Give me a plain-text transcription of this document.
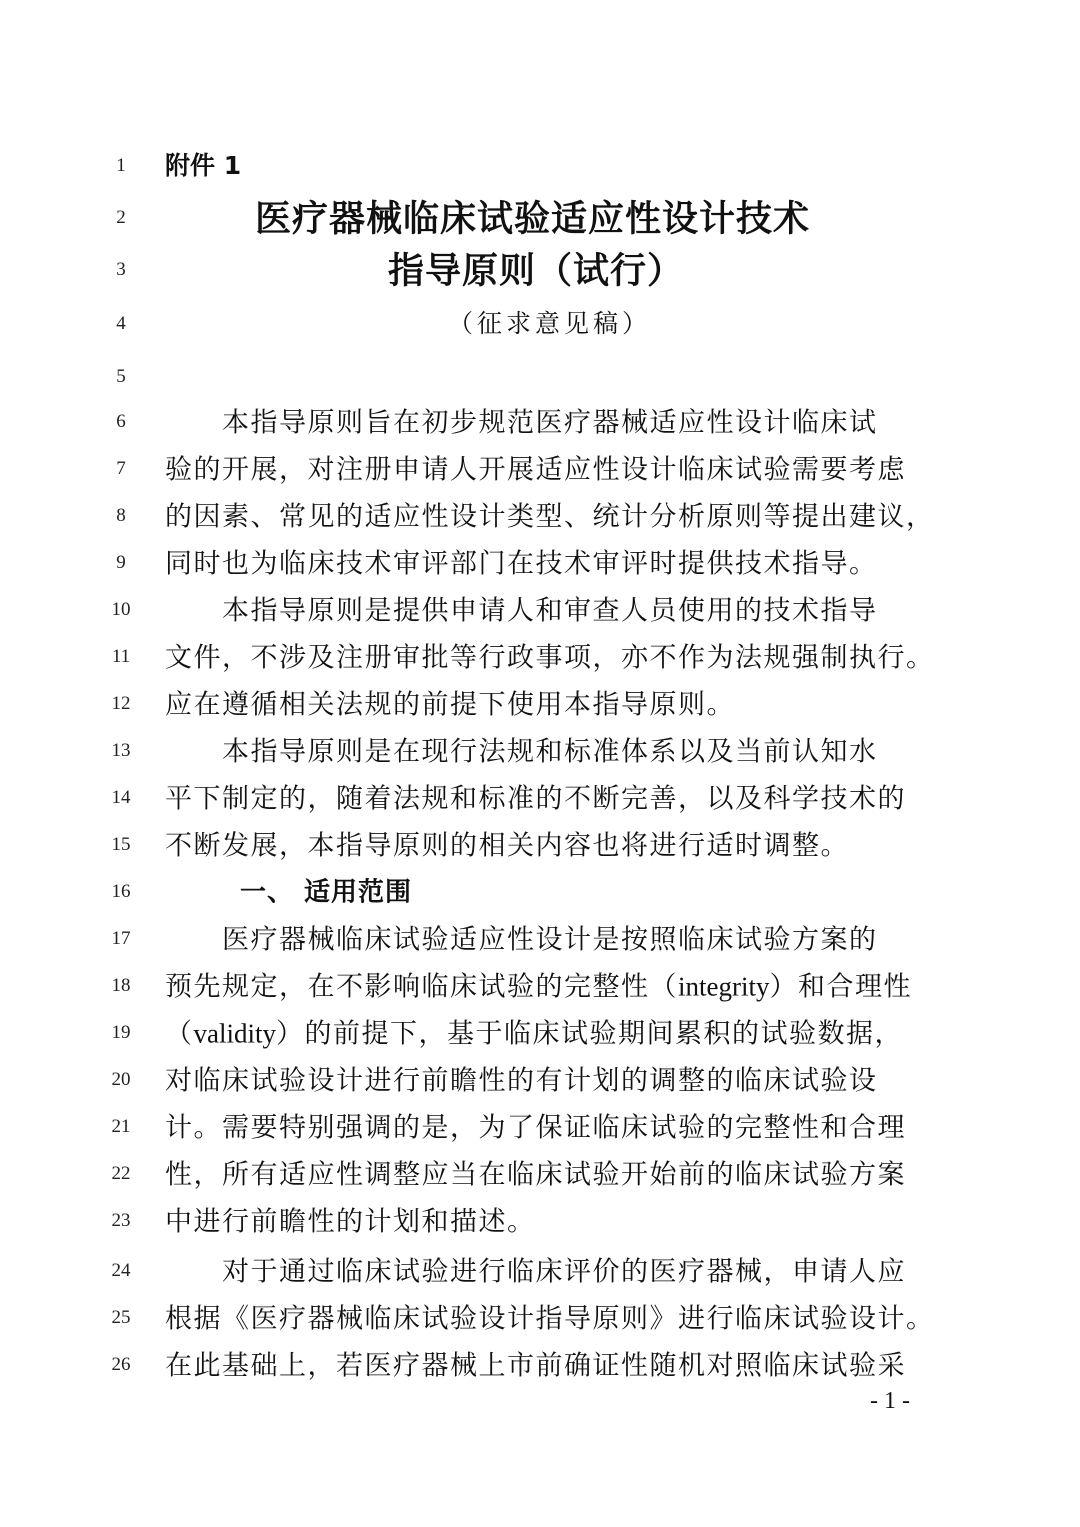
1	附件 1
2	医疗器械临床试验适应性设计技术
3	指导原则（试行）
4	（征求意见稿）
5
6	本指导原则旨在初步规范医疗器械适应性设计临床试
7	验的开展，对注册申请人开展适应性设计临床试验需要考虑
8	的因素、常见的适应性设计类型、统计分析原则等提出建议，
9	同时也为临床技术审评部门在技术审评时提供技术指导。
10	本指导原则是提供申请人和审查人员使用的技术指导
11	文件，不涉及注册审批等行政事项，亦不作为法规强制执行。
12	应在遵循相关法规的前提下使用本指导原则。
13	本指导原则是在现行法规和标准体系以及当前认知水
14	平下制定的，随着法规和标准的不断完善，以及科学技术的
15	不断发展，本指导原则的相关内容也将进行适时调整。
16	一、 适用范围
17	医疗器械临床试验适应性设计是按照临床试验方案的
18	预先规定，在不影响临床试验的完整性（integrity）和合理性
19	（validity）的前提下，基于临床试验期间累积的试验数据，
20	对临床试验设计进行前瞻性的有计划的调整的临床试验设
21	计。需要特别强调的是，为了保证临床试验的完整性和合理
22	性，所有适应性调整应当在临床试验开始前的临床试验方案
23	中进行前瞻性的计划和描述。
24	对于通过临床试验进行临床评价的医疗器械，申请人应
25	根据《医疗器械临床试验设计指导原则》进行临床试验设计。
26	在此基础上，若医疗器械上市前确证性随机对照临床试验采
- 1 -
